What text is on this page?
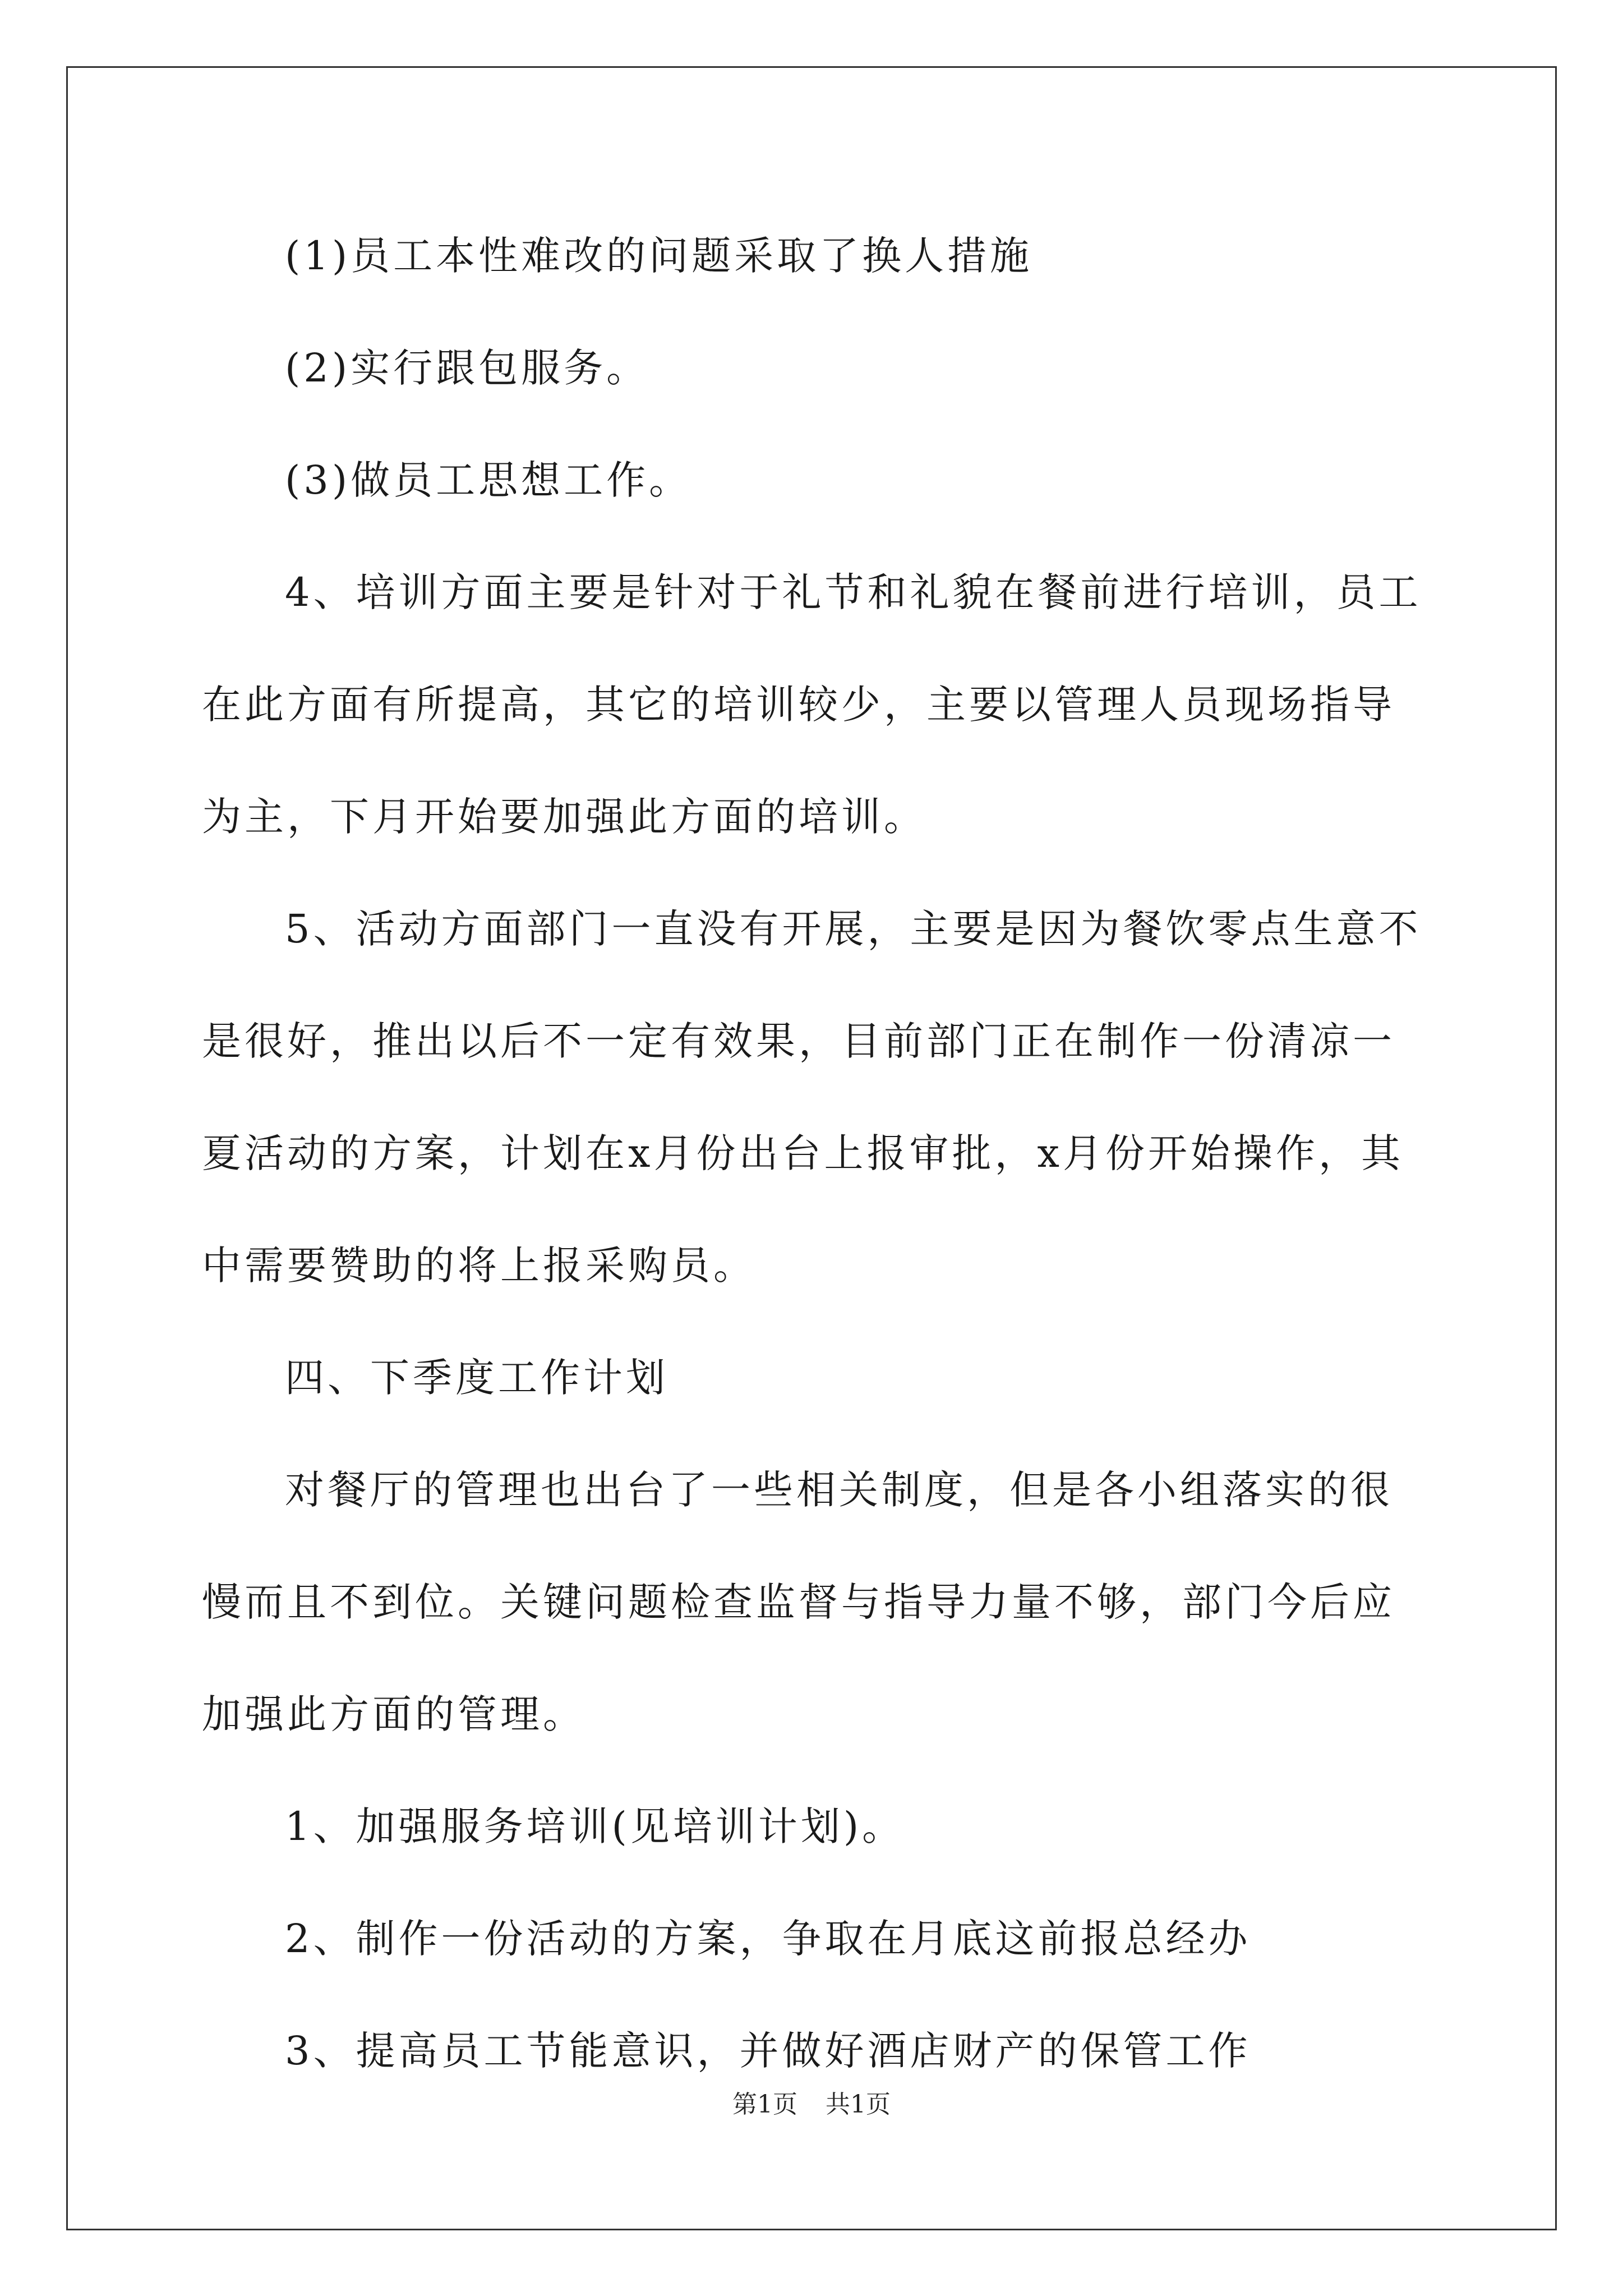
(1)员工本性难改的问题采取了换人措施

(2)实行跟包服务。

(3)做员工思想工作。

4、培训方面主要是针对于礼节和礼貌在餐前进行培训，员工在此方面有所提高，其它的培训较少，主要以管理人员现场指导为主，下月开始要加强此方面的培训。

5、活动方面部门一直没有开展，主要是因为餐饮零点生意不是很好，推出以后不一定有效果，目前部门正在制作一份清凉一夏活动的方案，计划在x月份出台上报审批，x月份开始操作，其中需要赞助的将上报采购员。

四、下季度工作计划

对餐厅的管理也出台了一些相关制度，但是各小组落实的很慢而且不到位。关键问题检查监督与指导力量不够，部门今后应加强此方面的管理。

1、加强服务培训(见培训计划)。

2、制作一份活动的方案，争取在月底这前报总经办

3、提高员工节能意识，并做好酒店财产的保管工作

第1页 共1页
